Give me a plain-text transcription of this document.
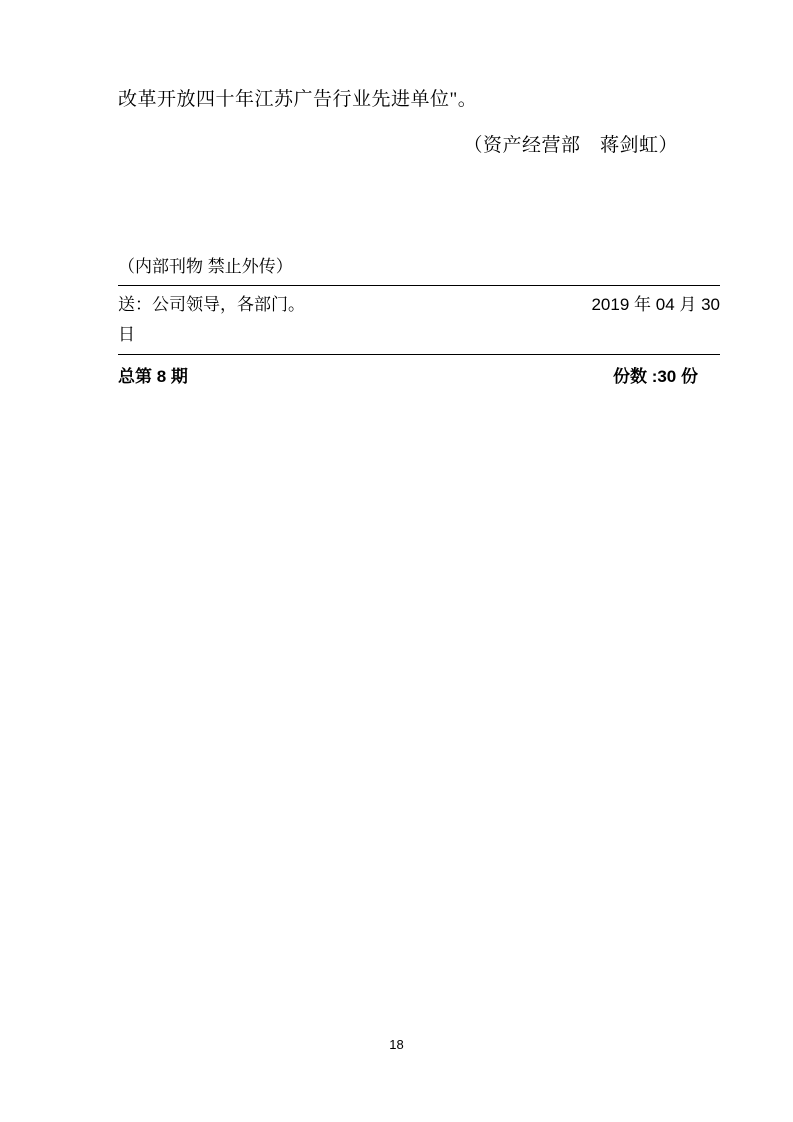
改革开放四十年江苏广告行业先进单位"。
（资产经营部　蒋剑虹）
（内部刊物 禁止外传）
送：公司领导，各部门。	2019 年 04 月 30
日
总第 8 期	份数 :30 份
18
